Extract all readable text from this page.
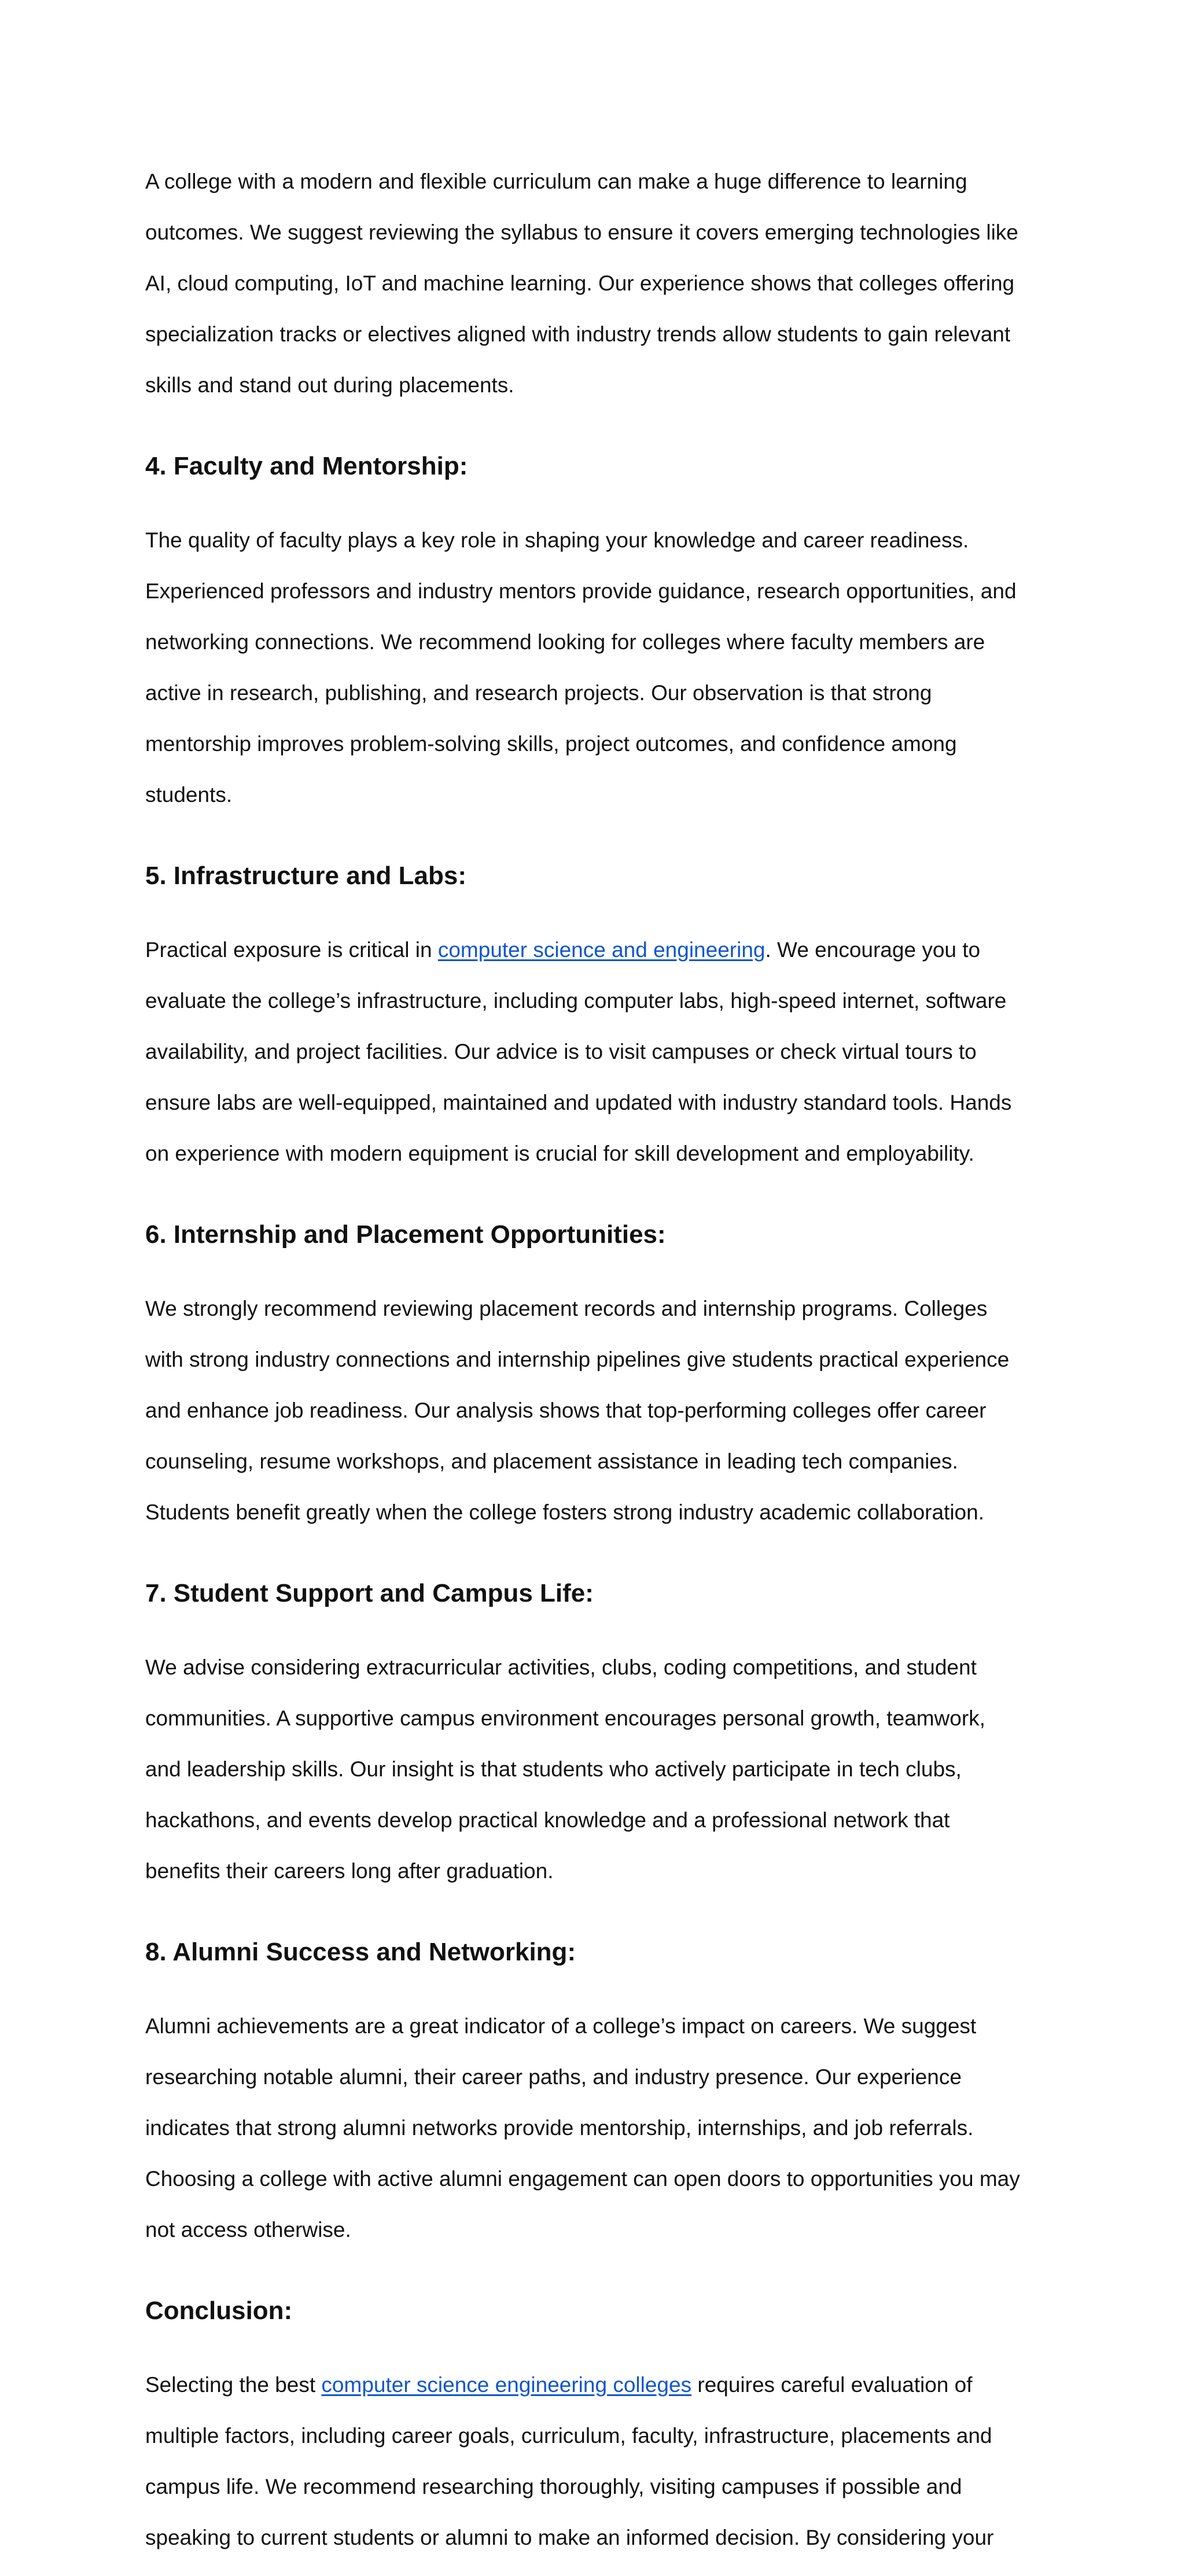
A college with a modern and flexible curriculum can make a huge difference to learning

outcomes. We suggest reviewing the syllabus to ensure it covers emerging technologies like

AI, cloud computing, IoT and machine learning. Our experience shows that colleges offering

specialization tracks or electives aligned with industry trends allow students to gain relevant

skills and stand out during placements.

4. Faculty and Mentorship:

The quality of faculty plays a key role in shaping your knowledge and career readiness.

Experienced professors and industry mentors provide guidance, research opportunities, and

networking connections. We recommend looking for colleges where faculty members are

active in research, publishing, and research projects. Our observation is that strong

mentorship improves problem-solving skills, project outcomes, and confidence among

students.

5. Infrastructure and Labs:

Practical exposure is critical in computer science and engineering. We encourage you to

evaluate the college’s infrastructure, including computer labs, high-speed internet, software

availability, and project facilities. Our advice is to visit campuses or check virtual tours to

ensure labs are well-equipped, maintained and updated with industry standard tools. Hands

on experience with modern equipment is crucial for skill development and employability.

6. Internship and Placement Opportunities:

We strongly recommend reviewing placement records and internship programs. Colleges

with strong industry connections and internship pipelines give students practical experience

and enhance job readiness. Our analysis shows that top-performing colleges offer career

counseling, resume workshops, and placement assistance in leading tech companies.

Students benefit greatly when the college fosters strong industry academic collaboration.

7. Student Support and Campus Life:

We advise considering extracurricular activities, clubs, coding competitions, and student

communities. A supportive campus environment encourages personal growth, teamwork,

and leadership skills. Our insight is that students who actively participate in tech clubs,

hackathons, and events develop practical knowledge and a professional network that

benefits their careers long after graduation.

8. Alumni Success and Networking:

Alumni achievements are a great indicator of a college’s impact on careers. We suggest

researching notable alumni, their career paths, and industry presence. Our experience

indicates that strong alumni networks provide mentorship, internships, and job referrals.

Choosing a college with active alumni engagement can open doors to opportunities you may

not access otherwise.

Conclusion:

Selecting the best computer science engineering colleges requires careful evaluation of

multiple factors, including career goals, curriculum, faculty, infrastructure, placements and

campus life. We recommend researching thoroughly, visiting campuses if possible and

speaking to current students or alumni to make an informed decision. By considering your
